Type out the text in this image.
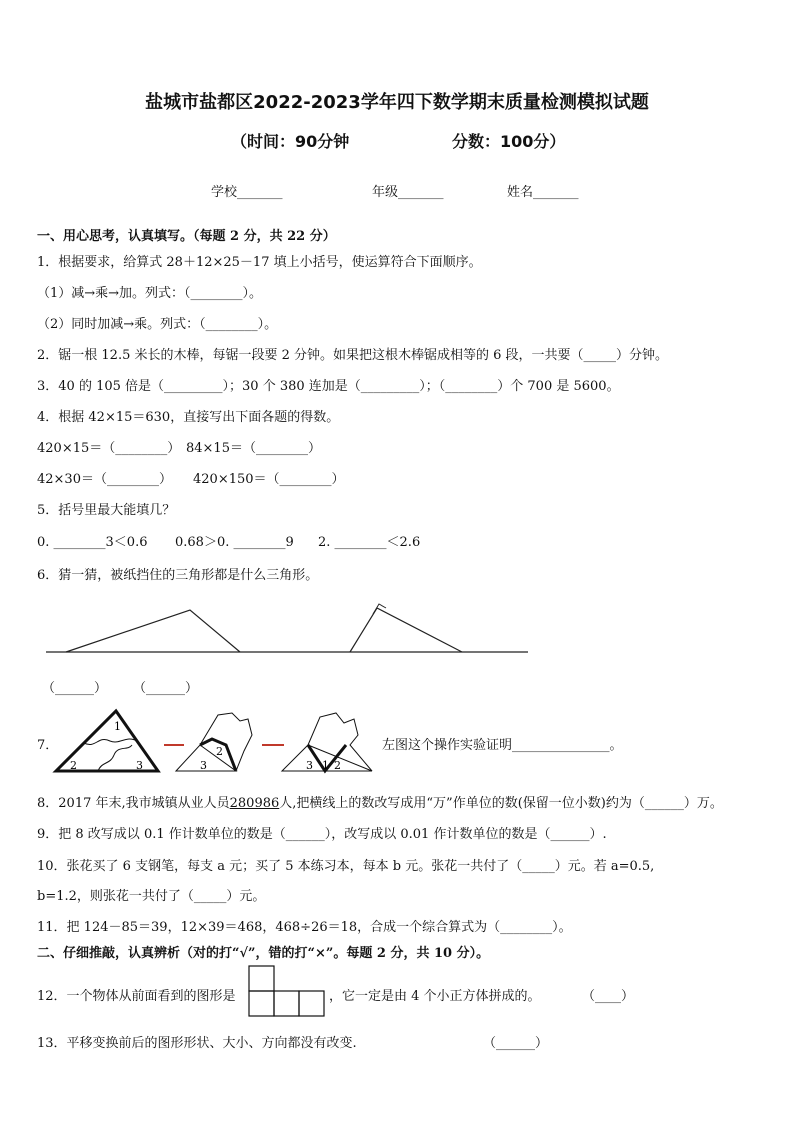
盐城市盐都区2022-2023学年四下数学期末质量检测模拟试题
（时间：90分钟	分数：100分）
学校_______	年级_______	姓名_______
一、用心思考，认真填写。（每题 2 分，共 22 分）
1．根据要求，给算式 28＋12×25－17 填上小括号，使运算符合下面顺序。
（1）减→乘→加。列式：（________）。
（2）同时加减→乘。列式：（________）。
2．锯一根 12.5 米长的木棒，每锯一段要 2 分钟。如果把这根木棒锯成相等的 6 段，一共要（_____）分钟。
3．40 的 105 倍是（_________）；30 个 380 连加是（_________）；（________）个 700 是 5600。
4．根据 42×15＝630，直接写出下面各题的得数。
420×15＝（________） 84×15＝（________）
42×30＝（________） 420×150＝（________）
5．括号里最大能填几？
0. ________3＜0.6 0.68＞0. ________9 2. ________＜2.6
6．猜一猜，被纸挡住的三角形都是什么三角形。
（______） （______）
7．
1
2	3	3
2
3 1 2
左图这个操作实验证明_______________。
8．2017 年末,我市城镇从业人员280986人,把横线上的数改写成用“万”作单位的数(保留一位小数)约为（______）万。
9．把 8 改写成以 0.1 作计数单位的数是（______），改写成以 0.01 作计数单位的数是（______）.
10．张花买了 6 支钢笔，每支 a 元；买了 5 本练习本，每本 b 元。张花一共付了（_____）元。若 a=0.5,
b=1.2，则张花一共付了（_____）元。
11．把 124－85＝39，12×39＝468，468÷26＝18，合成一个综合算式为（________）。
二、仔细推敲，认真辨析（对的打“√”，错的打“×”。每题 2 分，共 10 分）。
12．一个物体从前面看到的图形是	，它一定是由 4 个小正方体拼成的。	（____）
13．平移变换前后的图形形状、大小、方向都没有改变.	（______）
